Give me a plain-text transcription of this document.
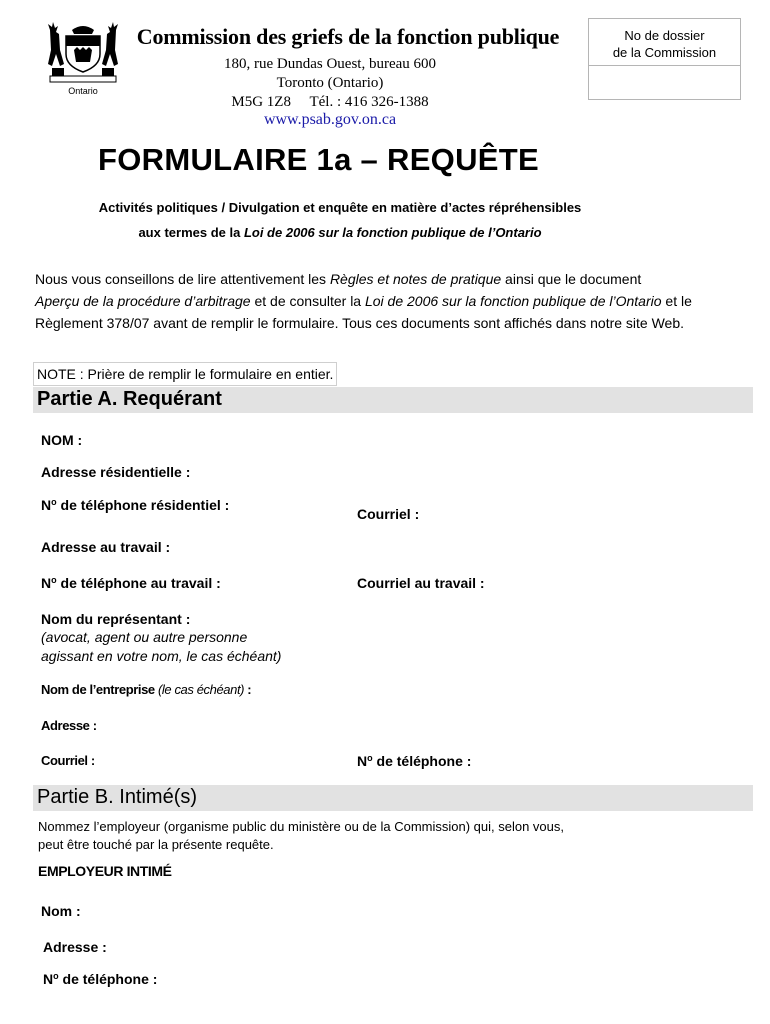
Ontario
Commission des griefs de la fonction publique
180, rue Dundas Ouest, bureau 600
Toronto (Ontario)
M5G 1Z8     Tél. : 416 326-1388
www.psab.gov.on.ca
No de dossier
de la Commission
FORMULAIRE 1a – REQUÊTE
Activités politiques / Divulgation et enquête en matière d’actes répréhensibles
aux termes de la Loi de 2006 sur la fonction publique de l’Ontario
Nous vous conseillons de lire attentivement les Règles et notes de pratique ainsi que le document
Aperçu de la procédure d’arbitrage et de consulter la Loi de 2006 sur la fonction publique de l’Ontario et le Règlement 378/07 avant de remplir le formulaire. Tous ces documents sont affichés dans notre site Web.
NOTE : Prière de remplir le formulaire en entier.
Partie A. Requérant
NOM :
Adresse résidentielle :
$N^o$ de téléphone résidentiel :
Courriel :
Adresse au travail :
$N^o$ de téléphone au travail :	Courriel au travail :
Nom du représentant :
(avocat, agent ou autre personne
agissant en votre nom, le cas échéant)
Nom de l’entreprise (le cas échéant) :
Adresse :
Courriel :	$N^o$ de téléphone :
Partie B. Intimé(s)
Nommez l’employeur (organisme public du ministère ou de la Commission) qui, selon vous,
peut être touché par la présente requête.
EMPLOYEUR INTIMÉ
Nom :
Adresse :
$N^o$ de téléphone :
